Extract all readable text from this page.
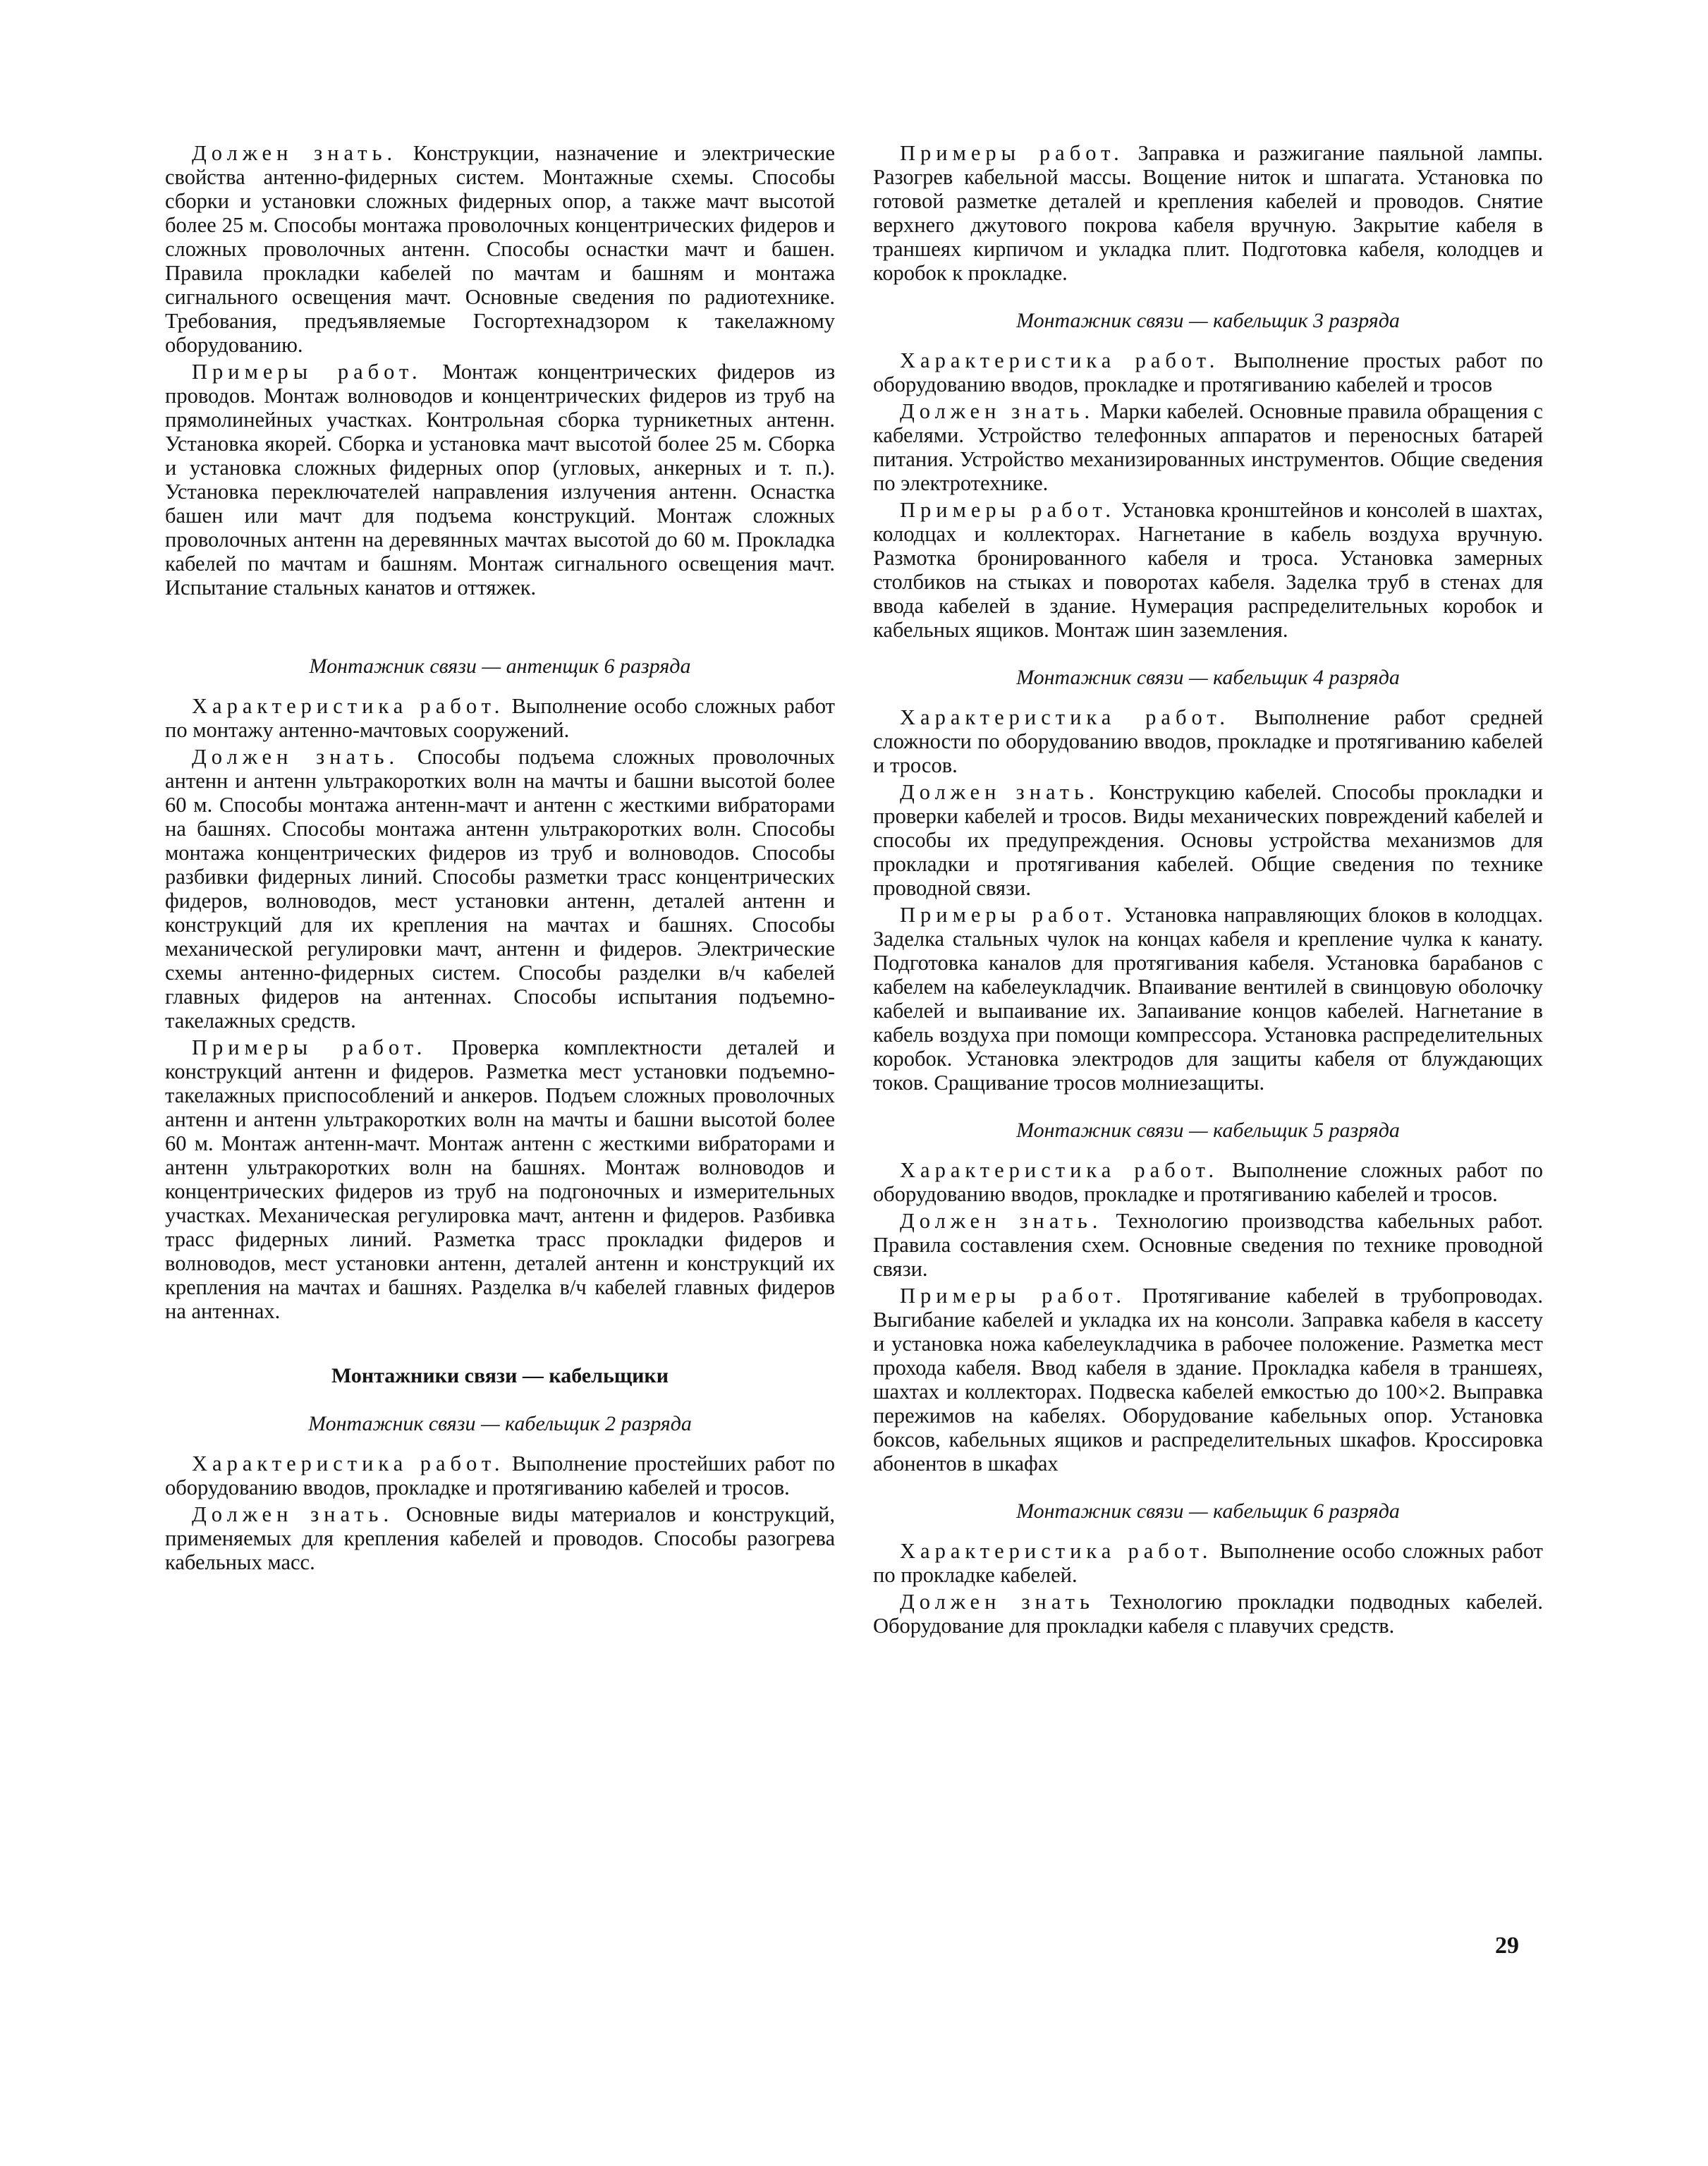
Должен знать. Конструкции, назначение и электрические свойства антенно-фидерных систем. Монтажные схемы. Способы сборки и установки сложных фидерных опор, а также мачт высотой более 25 м. Способы монтажа проволочных концентрических фидеров и сложных проволочных антенн. Способы оснастки мачт и башен. Правила прокладки кабелей по мачтам и башням и монтажа сигнального освещения мачт. Основные сведения по радиотехнике. Требования, предъявляемые Госгортехнадзором к такелажному оборудованию.

Примеры работ. Монтаж концентрических фидеров из проводов. Монтаж волноводов и концентрических фидеров из труб на прямолинейных участках. Контрольная сборка турникетных антенн. Установка якорей. Сборка и установка мачт высотой более 25 м. Сборка и установка сложных фидерных опор (угловых, анкерных и т. п.). Установка переключателей направления излучения антенн. Оснастка башен или мачт для подъема конструкций. Монтаж сложных проволочных антенн на деревянных мачтах высотой до 60 м. Прокладка кабелей по мачтам и башням. Монтаж сигнального освещения мачт. Испытание стальных канатов и оттяжек.

Монтажник связи — антенщик 6 разряда

Характеристика работ. Выполнение особо сложных работ по монтажу антенно-мачтовых сооружений.

Должен знать. Способы подъема сложных проволочных антенн и антенн ультракоротких волн на мачты и башни высотой более 60 м. Способы монтажа антенн-мачт и антенн с жесткими вибраторами на башнях. Способы монтажа антенн ультракоротких волн. Способы монтажа концентрических фидеров из труб и волноводов. Способы разбивки фидерных линий. Способы разметки трасс концентрических фидеров, волноводов, мест установки антенн, деталей антенн и конструкций для их крепления на мачтах и башнях. Способы механической регулировки мачт, антенн и фидеров. Электрические схемы антенно-фидерных систем. Способы разделки в/ч кабелей главных фидеров на антеннах. Способы испытания подъемно-такелажных средств.

Примеры работ. Проверка комплектности деталей и конструкций антенн и фидеров. Разметка мест установки подъемно-такелажных приспособлений и анкеров. Подъем сложных проволочных антенн и антенн ультракоротких волн на мачты и башни высотой более 60 м. Монтаж антенн-мачт. Монтаж антенн с жесткими вибраторами и антенн ультракоротких волн на башнях. Монтаж волноводов и концентрических фидеров из труб на подгоночных и измерительных участках. Механическая регулировка мачт, антенн и фидеров. Разбивка трасс фидерных линий. Разметка трасс прокладки фидеров и волноводов, мест установки антенн, деталей антенн и конструкций их крепления на мачтах и башнях. Разделка в/ч кабелей главных фидеров на антеннах.

Монтажники связи — кабельщики
Монтажник связи — кабельщик 2 разряда

Характеристика работ. Выполнение простейших работ по оборудованию вводов, прокладке и протягиванию кабелей и тросов.

Должен знать. Основные виды материалов и конструкций, применяемых для крепления кабелей и проводов. Способы разогрева кабельных масс.

Примеры работ. Заправка и разжигание паяльной лампы. Разогрев кабельной массы. Вощение ниток и шпагата. Установка по готовой разметке деталей и крепления кабелей и проводов. Снятие верхнего джутового покрова кабеля вручную. Закрытие кабеля в траншеях кирпичом и укладка плит. Подготовка кабеля, колодцев и коробок к прокладке.

Монтажник связи — кабельщик 3 разряда

Характеристика работ. Выполнение простых работ по оборудованию вводов, прокладке и протягиванию кабелей и тросов

Должен знать. Марки кабелей. Основные правила обращения с кабелями. Устройство телефонных аппаратов и переносных батарей питания. Устройство механизированных инструментов. Общие сведения по электротехнике.

Примеры работ. Установка кронштейнов и консолей в шахтах, колодцах и коллекторах. Нагнетание в кабель воздуха вручную. Размотка бронированного кабеля и троса. Установка замерных столбиков на стыках и поворотах кабеля. Заделка труб в стенах для ввода кабелей в здание. Нумерация распределительных коробок и кабельных ящиков. Монтаж шин заземления.

Монтажник связи — кабельщик 4 разряда

Характеристика работ. Выполнение работ средней сложности по оборудованию вводов, прокладке и протягиванию кабелей и тросов.

Должен знать. Конструкцию кабелей. Способы прокладки и проверки кабелей и тросов. Виды механических повреждений кабелей и способы их предупреждения. Основы устройства механизмов для прокладки и протягивания кабелей. Общие сведения по технике проводной связи.

Примеры работ. Установка направляющих блоков в колодцах. Заделка стальных чулок на концах кабеля и крепление чулка к канату. Подготовка каналов для протягивания кабеля. Установка барабанов с кабелем на кабелеукладчик. Впаивание вентилей в свинцовую оболочку кабелей и выпаивание их. Запаивание концов кабелей. Нагнетание в кабель воздуха при помощи компрессора. Установка распределительных коробок. Установка электродов для защиты кабеля от блуждающих токов. Сращивание тросов молниезащиты.

Монтажник связи — кабельщик 5 разряда

Характеристика работ. Выполнение сложных работ по оборудованию вводов, прокладке и протягиванию кабелей и тросов.

Должен знать. Технологию производства кабельных работ. Правила составления схем. Основные сведения по технике проводной связи.

Примеры работ. Протягивание кабелей в трубопроводах. Выгибание кабелей и укладка их на консоли. Заправка кабеля в кассету и установка ножа кабелеукладчика в рабочее положение. Разметка мест прохода кабеля. Ввод кабеля в здание. Прокладка кабеля в траншеях, шахтах и коллекторах. Подвеска кабелей емкостью до 100×2. Выправка пережимов на кабелях. Оборудование кабельных опор. Установка боксов, кабельных ящиков и распределительных шкафов. Кроссировка абонентов в шкафах

Монтажник связи — кабельщик 6 разряда

Характеристика работ. Выполнение особо сложных работ по прокладке кабелей.

Должен знать Технологию прокладки подводных кабелей. Оборудование для прокладки кабеля с плавучих средств.

29
